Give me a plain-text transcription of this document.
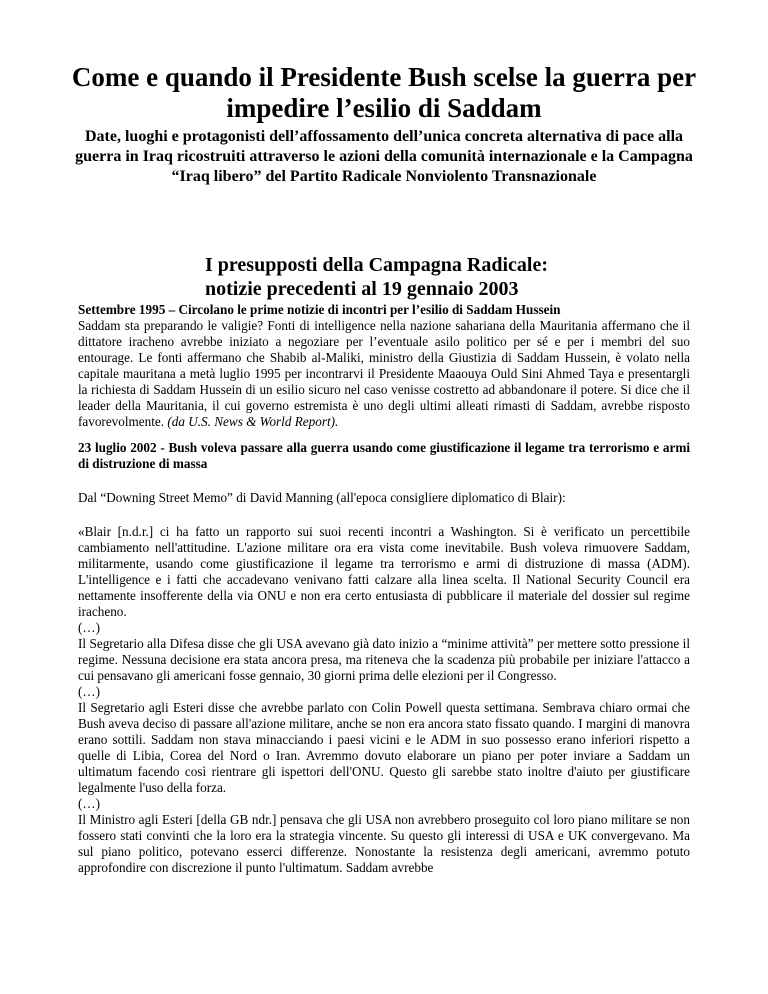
Come e quando il Presidente Bush scelse la guerra per impedire l’esilio di Saddam
Date, luoghi e protagonisti dell’affossamento dell’unica concreta alternativa di pace alla guerra in Iraq ricostruiti attraverso le azioni della comunità internazionale e la Campagna “Iraq libero” del Partito Radicale Nonviolento Transnazionale
I presupposti della Campagna Radicale:
notizie precedenti al 19 gennaio 2003

Settembre 1995 – Circolano le prime notizie di incontri per l’esilio di Saddam Hussein

Saddam sta preparando le valigie? Fonti di intelligence nella nazione sahariana della Mauritania affermano che il dittatore iracheno avrebbe iniziato a negoziare per l’eventuale asilo politico per sé e per i membri del suo entourage. Le fonti affermano che Shabib al-Maliki, ministro della Giustizia di Saddam Hussein, è volato nella capitale mauritana a metà luglio 1995 per incontrarvi il Presidente Maaouya Ould Sini Ahmed Taya e presentargli la richiesta di Saddam Hussein di un esilio sicuro nel caso venisse costretto ad abbandonare il potere. Si dice che il leader della Mauritania, il cui governo estremista è uno degli ultimi alleati rimasti di Saddam, avrebbe risposto favorevolmente. (da U.S. News & World Report).

23 luglio 2002 - Bush voleva passare alla guerra usando come giustificazione il legame tra terrorismo e armi di distruzione di massa

Dal “Downing Street Memo” di David Manning (all'epoca consigliere diplomatico di Blair):

«Blair [n.d.r.] ci ha fatto un rapporto sui suoi recenti incontri a Washington. Si è verificato un percettibile cambiamento nell'attitudine. L'azione militare ora era vista come inevitabile. Bush voleva rimuovere Saddam, militarmente, usando come giustificazione il legame tra terrorismo e armi di distruzione di massa (ADM). L'intelligence e i fatti che accadevano venivano fatti calzare alla linea scelta. Il National Security Council era nettamente insofferente della via ONU e non era certo entusiasta di pubblicare il materiale del dossier sul regime iracheno.

(…)

Il Segretario alla Difesa disse che gli USA avevano già dato inizio a “minime attività” per mettere sotto pressione il regime. Nessuna decisione era stata ancora presa, ma riteneva che la scadenza più probabile per iniziare l'attacco a cui pensavano gli americani fosse gennaio, 30 giorni prima delle elezioni per il Congresso.

(…)

Il Segretario agli Esteri disse che avrebbe parlato con Colin Powell questa settimana. Sembrava chiaro ormai che Bush aveva deciso di passare all'azione militare, anche se non era ancora stato fissato quando. I margini di manovra erano sottili. Saddam non stava minacciando i paesi vicini e le ADM in suo possesso erano inferiori rispetto a quelle di Libia, Corea del Nord o Iran. Avremmo dovuto elaborare un piano per poter inviare a Saddam un ultimatum facendo così rientrare gli ispettori dell'ONU. Questo gli sarebbe stato inoltre d'aiuto per giustificare legalmente l'uso della forza.

(…)

Il Ministro agli Esteri [della GB ndr.] pensava che gli USA non avrebbero proseguito col loro piano militare se non fossero stati convinti che la loro era la strategia vincente. Su questo gli interessi di USA e UK convergevano. Ma sul piano politico, potevano esserci differenze. Nonostante la resistenza degli americani, avremmo potuto approfondire con discrezione il punto l'ultimatum. Saddam avrebbe
